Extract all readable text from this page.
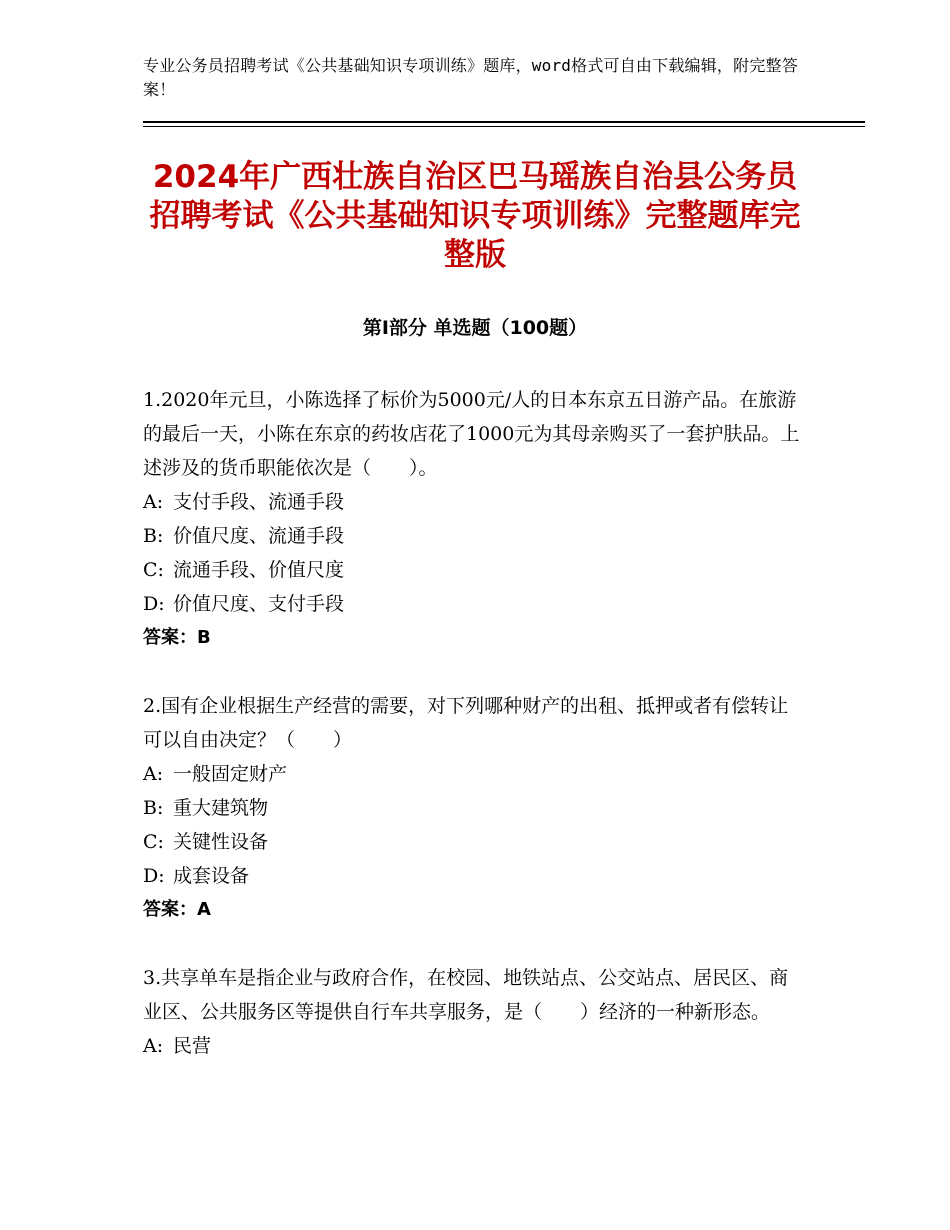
专业公务员招聘考试《公共基础知识专项训练》题库，word格式可自由下载编辑，附完整答案！
2024年广西壮族自治区巴马瑶族自治县公务员招聘考试《公共基础知识专项训练》完整题库完整版
第Ⅰ部分 单选题（100题）

1.2020年元旦，小陈选择了标价为5000元/人的日本东京五日游产品。在旅游的最后一天，小陈在东京的药妆店花了1000元为其母亲购买了一套护肤品。上述涉及的货币职能依次是（　　）。

A: 支付手段、流通手段

B: 价值尺度、流通手段

C: 流通手段、价值尺度

D: 价值尺度、支付手段

答案：B

2.国有企业根据生产经营的需要，对下列哪种财产的出租、抵押或者有偿转让可以自由决定？（　　）

A: 一般固定财产

B: 重大建筑物

C: 关键性设备

D: 成套设备

答案：A

3.共享单车是指企业与政府合作，在校园、地铁站点、公交站点、居民区、商业区、公共服务区等提供自行车共享服务，是（　　）经济的一种新形态。

A: 民营
